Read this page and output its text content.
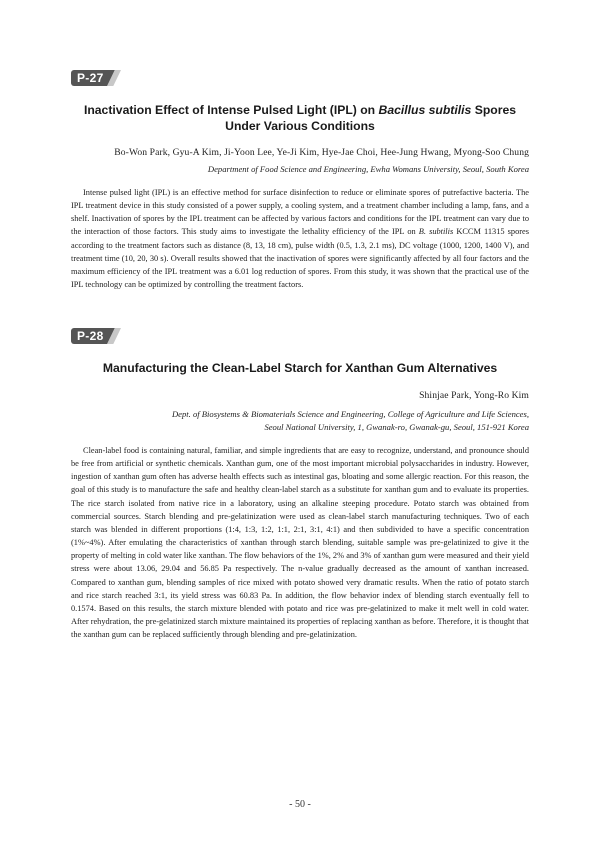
P-27
Inactivation Effect of Intense Pulsed Light (IPL) on Bacillus subtilis Spores Under Various Conditions
Bo-Won Park, Gyu-A Kim, Ji-Yoon Lee, Ye-Ji Kim, Hye-Jae Choi, Hee-Jung Hwang, Myong-Soo Chung
Department of Food Science and Engineering, Ewha Womans University, Seoul, South Korea

Intense pulsed light (IPL) is an effective method for surface disinfection to reduce or eliminate spores of putrefactive bacteria. The IPL treatment device in this study consisted of a power supply, a cooling system, and a treatment chamber including a lamp, fans, and a shelf. Inactivation of spores by the IPL treatment can be affected by various factors and conditions for the IPL treatment can vary due to the interaction of those factors. This study aims to investigate the lethality efficiency of the IPL on B. subtilis KCCM 11315 spores according to the treatment factors such as distance (8, 13, 18 cm), pulse width (0.5, 1.3, 2.1 ms), DC voltage (1000, 1200, 1400 V), and treatment time (10, 20, 30 s). Overall results showed that the inactivation of spores were significantly affected by all four factors and the maximum efficiency of the IPL treatment was a 6.01 log reduction of spores. From this study, it was shown that the practical use of the IPL technology can be optimized by controlling the treatment factors.

P-28
Manufacturing the Clean-Label Starch for Xanthan Gum Alternatives
Shinjae Park, Yong-Ro Kim
Dept. of Biosystems & Biomaterials Science and Engineering, College of Agriculture and Life Sciences,
Seoul National University, 1, Gwanak-ro, Gwanak-gu, Seoul, 151-921 Korea

Clean-label food is containing natural, familiar, and simple ingredients that are easy to recognize, understand, and pronounce should be free from artificial or synthetic chemicals. Xanthan gum, one of the most important microbial polysaccharides in industry. However, ingestion of xanthan gum often has adverse health effects such as intestinal gas, bloating and some allergic reaction. For this reason, the goal of this study is to manufacture the safe and healthy clean-label starch as a substitute for xanthan gum and to evaluate its properties. The rice starch isolated from native rice in a laboratory, using an alkaline steeping procedure. Potato starch was obtained from commercial sources. Starch blending and pre-gelatinization were used as clean-label starch manufacturing techniques. Two of each starch was blended in different proportions (1:4, 1:3, 1:2, 1:1, 2:1, 3:1, 4:1) and then subdivided to have a specific concentration (1%~4%). After emulating the characteristics of xanthan through starch blending, suitable sample was pre-gelatinized to give it the property of melting in cold water like xanthan. The flow behaviors of the 1%, 2% and 3% of xanthan gum were measured and their yield stress were about 13.06, 29.04 and 56.85 Pa respectively. The n-value gradually decreased as the amount of xanthan increased. Compared to xanthan gum, blending samples of rice mixed with potato showed very dramatic results. When the ratio of potato starch and rice starch reached 3:1, its yield stress was 60.83 Pa. In addition, the flow behavior index of blending starch eventually fell to 0.1574. Based on this results, the starch mixture blended with potato and rice was pre-gelatinized to make it melt well in cold water. After rehydration, the pre-gelatinized starch mixture maintained its properties of replacing xanthan as before. Therefore, it is thought that the xanthan gum can be replaced sufficiently through blending and pre-gelatinization.

- 50 -
